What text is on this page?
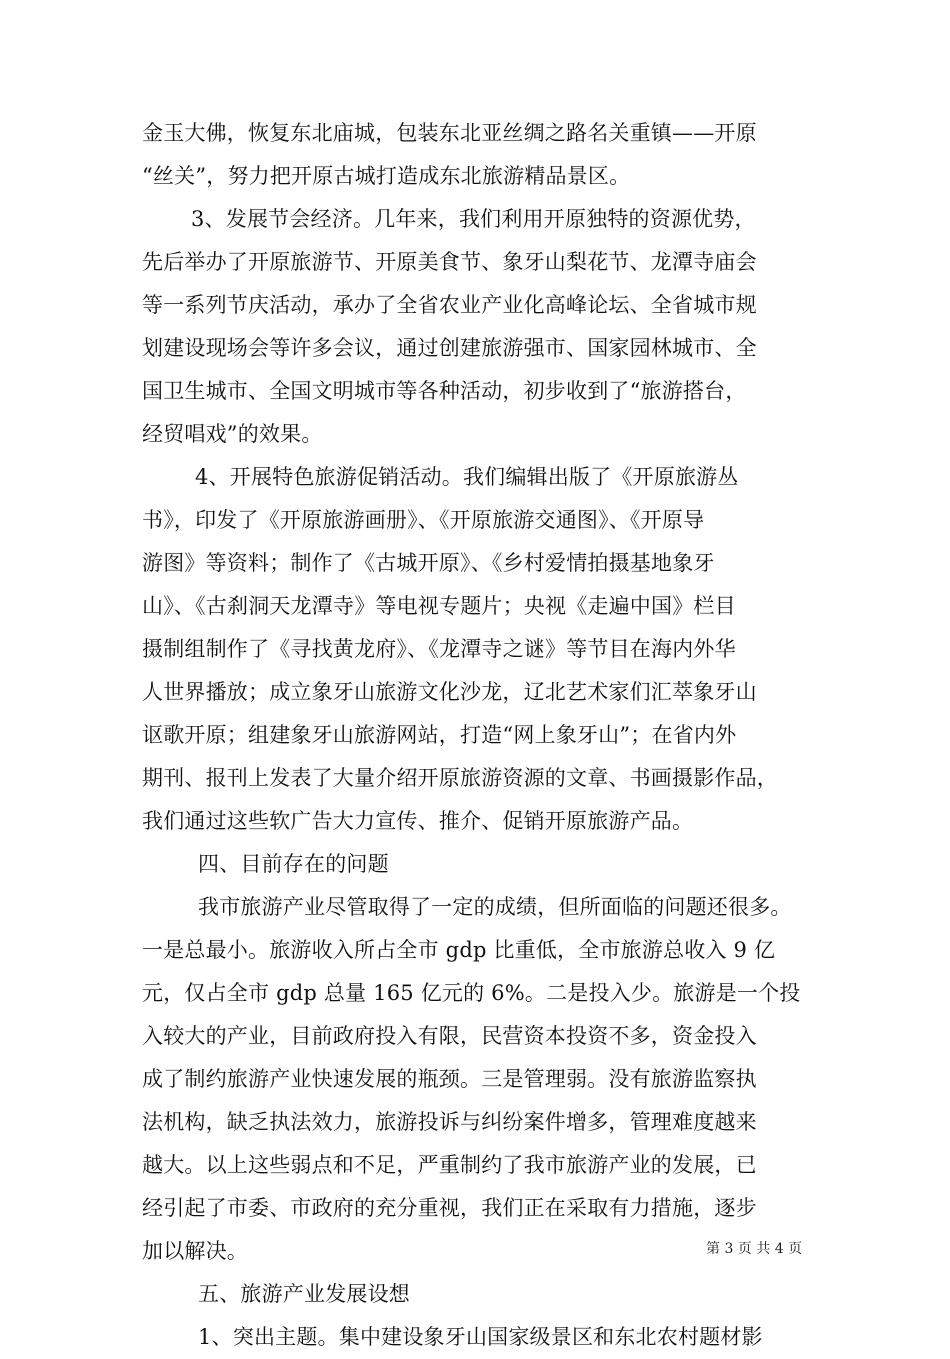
金玉大佛，恢复东北庙城，包装东北亚丝绸之路名关重镇——开原
“丝关”，努力把开原古城打造成东北旅游精品景区。
3、发展节会经济。几年来，我们利用开原独特的资源优势，
先后举办了开原旅游节、开原美食节、象牙山梨花节、龙潭寺庙会
等一系列节庆活动，承办了全省农业产业化高峰论坛、全省城市规
划建设现场会等许多会议，通过创建旅游强市、国家园林城市、全
国卫生城市、全国文明城市等各种活动，初步收到了“旅游搭台，
经贸唱戏”的效果。
4、开展特色旅游促销活动。我们编辑出版了《开原旅游丛
书》，印发了《开原旅游画册》、《开原旅游交通图》、《开原导
游图》等资料；制作了《古城开原》、《乡村爱情拍摄基地象牙
山》、《古刹洞天龙潭寺》等电视专题片；央视《走遍中国》栏目
摄制组制作了《寻找黄龙府》、《龙潭寺之谜》等节目在海内外华
人世界播放；成立象牙山旅游文化沙龙，辽北艺术家们汇萃象牙山
讴歌开原；组建象牙山旅游网站，打造“网上象牙山”；在省内外
期刊、报刊上发表了大量介绍开原旅游资源的文章、书画摄影作品，
我们通过这些软广告大力宣传、推介、促销开原旅游产品。
四、目前存在的问题
我市旅游产业尽管取得了一定的成绩，但所面临的问题还很多。
一是总最小。旅游收入所占全市 gdp 比重低，全市旅游总收入 9 亿
元，仅占全市 gdp 总量 165 亿元的 6%。二是投入少。旅游是一个投
入较大的产业，目前政府投入有限，民营资本投资不多，资金投入
成了制约旅游产业快速发展的瓶颈。三是管理弱。没有旅游监察执
法机构，缺乏执法效力，旅游投诉与纠纷案件增多，管理难度越来
越大。以上这些弱点和不足，严重制约了我市旅游产业的发展，已
经引起了市委、市政府的充分重视，我们正在采取有力措施，逐步
加以解决。
五、旅游产业发展设想
1、突出主题。集中建设象牙山国家级景区和东北农村题材影
第 3 页 共 4 页
